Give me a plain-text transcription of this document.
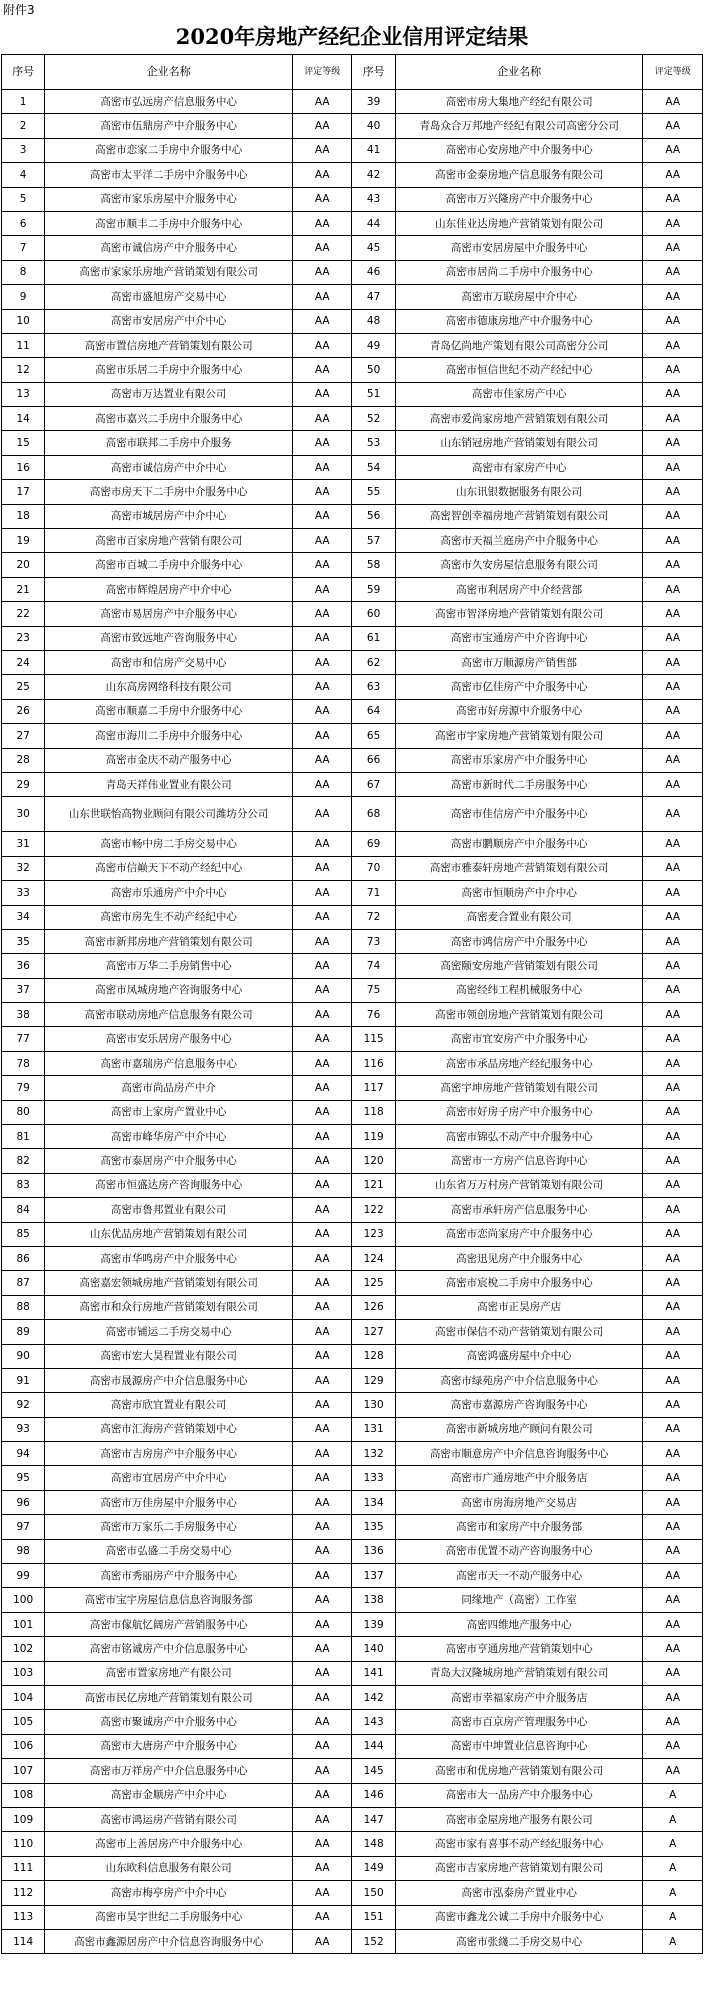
附件3
2020年房地产经纪企业信用评定结果
序号	企业名称	评定等级	序号	企业名称	评定等级
1	高密市弘远房产信息服务中心	AA	39	高密市房大集地产经纪有限公司	AA
2	高密市伍鼎房产中介服务中心	AA	40	青岛众合万邦地产经纪有限公司高密分公司	AA
3	高密市恋家二手房中介服务中心	AA	41	高密市心安房地产中介服务中心	AA
4	高密市太平洋二手房中介服务中心	AA	42	高密市金泰房地产信息服务有限公司	AA
5	高密市家乐房屋中介服务中心	AA	43	高密市万兴隆房产中介服务中心	AA
6	高密市顺丰二手房中介服务中心	AA	44	山东佳业达房地产营销策划有限公司	AA
7	高密市诚信房产中介服务中心	AA	45	高密市安居房屋中介服务中心	AA
8	高密市家家乐房地产营销策划有限公司	AA	46	高密市居尚二手房中介服务中心	AA
9	高密市盛旭房产交易中心	AA	47	高密市万联房屋中介中心	AA
10	高密市安居房产中介中心	AA	48	高密市德康房地产中介服务中心	AA
11	高密市置信房地产营销策划有限公司	AA	49	青岛亿尚地产策划有限公司高密分公司	AA
12	高密市乐居二手房中介服务中心	AA	50	高密市恒信世纪不动产经纪中心	AA
13	高密市万达置业有限公司	AA	51	高密市佳家房产中心	AA
14	高密市嘉兴二手房中介服务中心	AA	52	高密市爱尚家房地产营销策划有限公司	AA
15	高密市联邦二手房中介服务	AA	53	山东销冠房地产营销策划有限公司	AA
16	高密市诚信房产中介中心	AA	54	高密市有家房产中心	AA
17	高密市房天下二手房中介服务中心	AA	55	山东讯银数据服务有限公司	AA
18	高密市城居房产中介中心	AA	56	高密智创幸福房地产营销策划有限公司	AA
19	高密市百家房地产营销有限公司	AA	57	高密市天福兰庭房产中介服务中心	AA
20	高密市百城二手房中介服务中心	AA	58	高密市久安房屋信息服务有限公司	AA
21	高密市辉煌居房产中介中心	AA	59	高密市利居房产中介经营部	AA
22	高密市易居房产中介服务中心	AA	60	高密市智泽房地产营销策划有限公司	AA
23	高密市致远地产咨询服务中心	AA	61	高密市宝通房产中介咨询中心	AA
24	高密市和信房产交易中心	AA	62	高密市万顺源房产销售部	AA
25	山东高房网络科技有限公司	AA	63	高密市亿佳房产中介服务中心	AA
26	高密市顺嘉二手房中介服务中心	AA	64	高密市好房源中介服务中心	AA
27	高密市海川二手房中介服务中心	AA	65	高密市宇家房地产营销策划有限公司	AA
28	高密市金庆不动产服务中心	AA	66	高密市乐家房产中介服务中心	AA
29	青岛天祥伟业置业有限公司	AA	67	高密市新时代二手房服务中心	AA
30	山东世联怡高物业顾问有限公司潍坊分公司	AA	68	高密市佳信房产中介服务中心	AA
31	高密市畅中房二手房交易中心	AA	69	高密市鹏顺房产中介服务中心	AA
32	高密市信巅天下不动产经纪中心	AA	70	高密市雅泰轩房地产营销策划有限公司	AA
33	高密市乐通房产中介中心	AA	71	高密市恒顺房产中介中心	AA
34	高密市房先生不动产经纪中心	AA	72	高密麦合置业有限公司	AA
35	高密市新邦房地产营销策划有限公司	AA	73	高密市鸿信房产中介服务中心	AA
36	高密市万华二手房销售中心	AA	74	高密颐安房地产营销策划有限公司	AA
37	高密市凤城房地产咨询服务中心	AA	75	高密经纬工程机械服务中心	AA
38	高密市联动房地产信息服务有限公司	AA	76	高密市领创房地产营销策划有限公司	AA
77	高密市安乐居房产服务中心	AA	115	高密市宜安房产中介服务中心	AA
78	高密市嘉瑞房产信息服务中心	AA	116	高密市承品房地产经纪服务中心	AA
79	高密市尚品房产中介	AA	117	高密宇坤房地产营销策划有限公司	AA
80	高密市上家房产置业中心	AA	118	高密市好房子房产中介服务中心	AA
81	高密市峰华房产中介中心	AA	119	高密市锦弘不动产中介服务中心	AA
82	高密市泰居房产中介服务中心	AA	120	高密市一方房产信息咨询中心	AA
83	高密市恒盛达房产咨询服务中心	AA	121	山东省万万村房产营销策划有限公司	AA
84	高密市鲁邦置业有限公司	AA	122	高密市承轩房产信息服务中心	AA
85	山东优品房地产营销策划有限公司	AA	123	高密市恋尚家房产中介服务中心	AA
86	高密市华鸣房产中介服务中心	AA	124	高密迅见房产中介服务中心	AA
87	高密嘉宏领城房地产营销策划有限公司	AA	125	高密市宸梲二手房中介服务中心	AA
88	高密市和众行房地产营销策划有限公司	AA	126	高密市正昊房产店	AA
89	高密市铺运二手房交易中心	AA	127	高密市保信不动产营销策划有限公司	AA
90	高密市宏大昊程置业有限公司	AA	128	高密鸿盛房屋中介中心	AA
91	高密市晟源房产中介信息服务中心	AA	129	高密市绿苑房产中介信息服务中心	AA
92	高密市欣宜置业有限公司	AA	130	高密市嘉源房产咨询服务中心	AA
93	高密市汇海房产营销策划中心	AA	131	高密市新城房地产顾问有限公司	AA
94	高密市吉房房产中介服务中心	AA	132	高密市顺意房产中介信息咨询服务中心	AA
95	高密市宜居房产中介中心	AA	133	高密市广通房地产中介服务店	AA
96	高密市万佳房屋中介服务中心	AA	134	高密市房海房地产交易店	AA
97	高密市万家乐二手房服务中心	AA	135	高密市和家房产中介服务部	AA
98	高密市弘盛二手房交易中心	AA	136	高密市优置不动产咨询服务中心	AA
99	高密市秀丽房产中介服务中心	AA	137	高密市天一不动产服务中心	AA
100	高密市宝宇房屋信息信息咨询服务部	AA	138	同缘地产（高密）工作室	AA
101	高密市傢航忆阔房产营销服务中心	AA	139	高密四维地产服务中心	AA
102	高密市铭诚房产中介信息服务中心	AA	140	高密市亨通房地产营销策划中心	AA
103	高密市置家房地产有限公司	AA	141	青岛大汉隆城房地产营销策划有限公司	AA
104	高密市民亿房地产营销策划有限公司	AA	142	高密市幸福家房产中介服务店	AA
105	高密市聚诚房产中介服务中心	AA	143	高密市百京房产管理服务中心	AA
106	高密市大唐房产中介服务中心	AA	144	高密市中坤置业信息咨询中心	AA
107	高密市万祥房产中介信息服务中心	AA	145	高密市和优房地产营销策划有限公司	AA
108	高密市金顺房产中介中心	AA	146	高密市大一品房产中介服务中心	A
109	高密市鸿运房产营销有限公司	AA	147	高密市金屋房地产服务有限公司	A
110	高密市上善居房产中介服务中心	AA	148	高密市家有喜事不动产经纪服务中心	A
111	山东欧科信息服务有限公司	AA	149	高密市吉家房地产营销策划有限公司	A
112	高密市梅亭房产中介中心	AA	150	高密市泓泰房产置业中心	A
113	高密市昊宇世纪二手房服务中心	AA	151	高密市鑫龙公诚二手房中介服务中心	A
114	高密市鑫源居房产中介信息咨询服务中心	AA	152	高密市张綫二手房交易中心	A
